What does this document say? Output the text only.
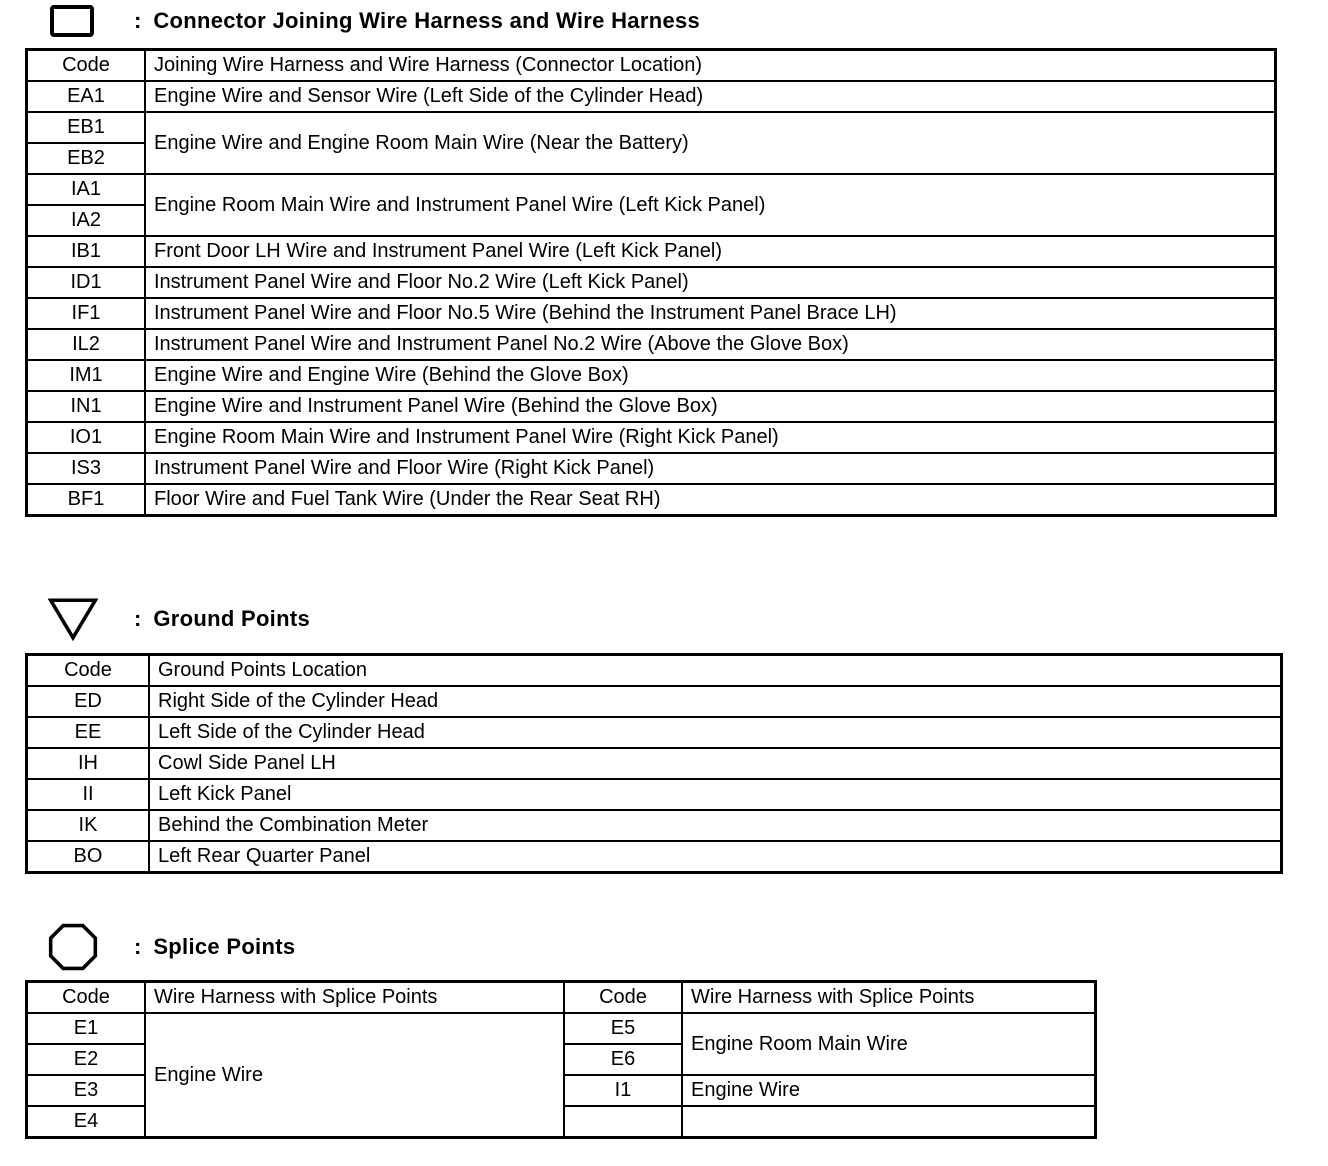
: Connector Joining Wire Harness and Wire Harness
Code	Joining Wire Harness and Wire Harness (Connector Location)
EA1	Engine Wire and Sensor Wire (Left Side of the Cylinder Head)
EB1	Engine Wire and Engine Room Main Wire (Near the Battery)
EB2	
IA1	Engine Room Main Wire and Instrument Panel Wire (Left Kick Panel)
IA2	
IB1	Front Door LH Wire and Instrument Panel Wire (Left Kick Panel)
ID1	Instrument Panel Wire and Floor No.2 Wire (Left Kick Panel)
IF1	Instrument Panel Wire and Floor No.5 Wire (Behind the Instrument Panel Brace LH)
IL2	Instrument Panel Wire and Instrument Panel No.2 Wire (Above the Glove Box)
IM1	Engine Wire and Engine Wire (Behind the Glove Box)
IN1	Engine Wire and Instrument Panel Wire (Behind the Glove Box)
IO1	Engine Room Main Wire and Instrument Panel Wire (Right Kick Panel)
IS3	Instrument Panel Wire and Floor Wire (Right Kick Panel)
BF1	Floor Wire and Fuel Tank Wire (Under the Rear Seat RH)
: Ground Points
Code	Ground Points Location
ED	Right Side of the Cylinder Head
EE	Left Side of the Cylinder Head
IH	Cowl Side Panel LH
II	Left Kick Panel
IK	Behind the Combination Meter
BO	Left Rear Quarter Panel
: Splice Points
Code	Wire Harness with Splice Points	Code	Wire Harness with Splice Points
E1	Engine Wire	E5	Engine Room Main Wire
E2		E6	
E3		I1	Engine Wire
E4			
